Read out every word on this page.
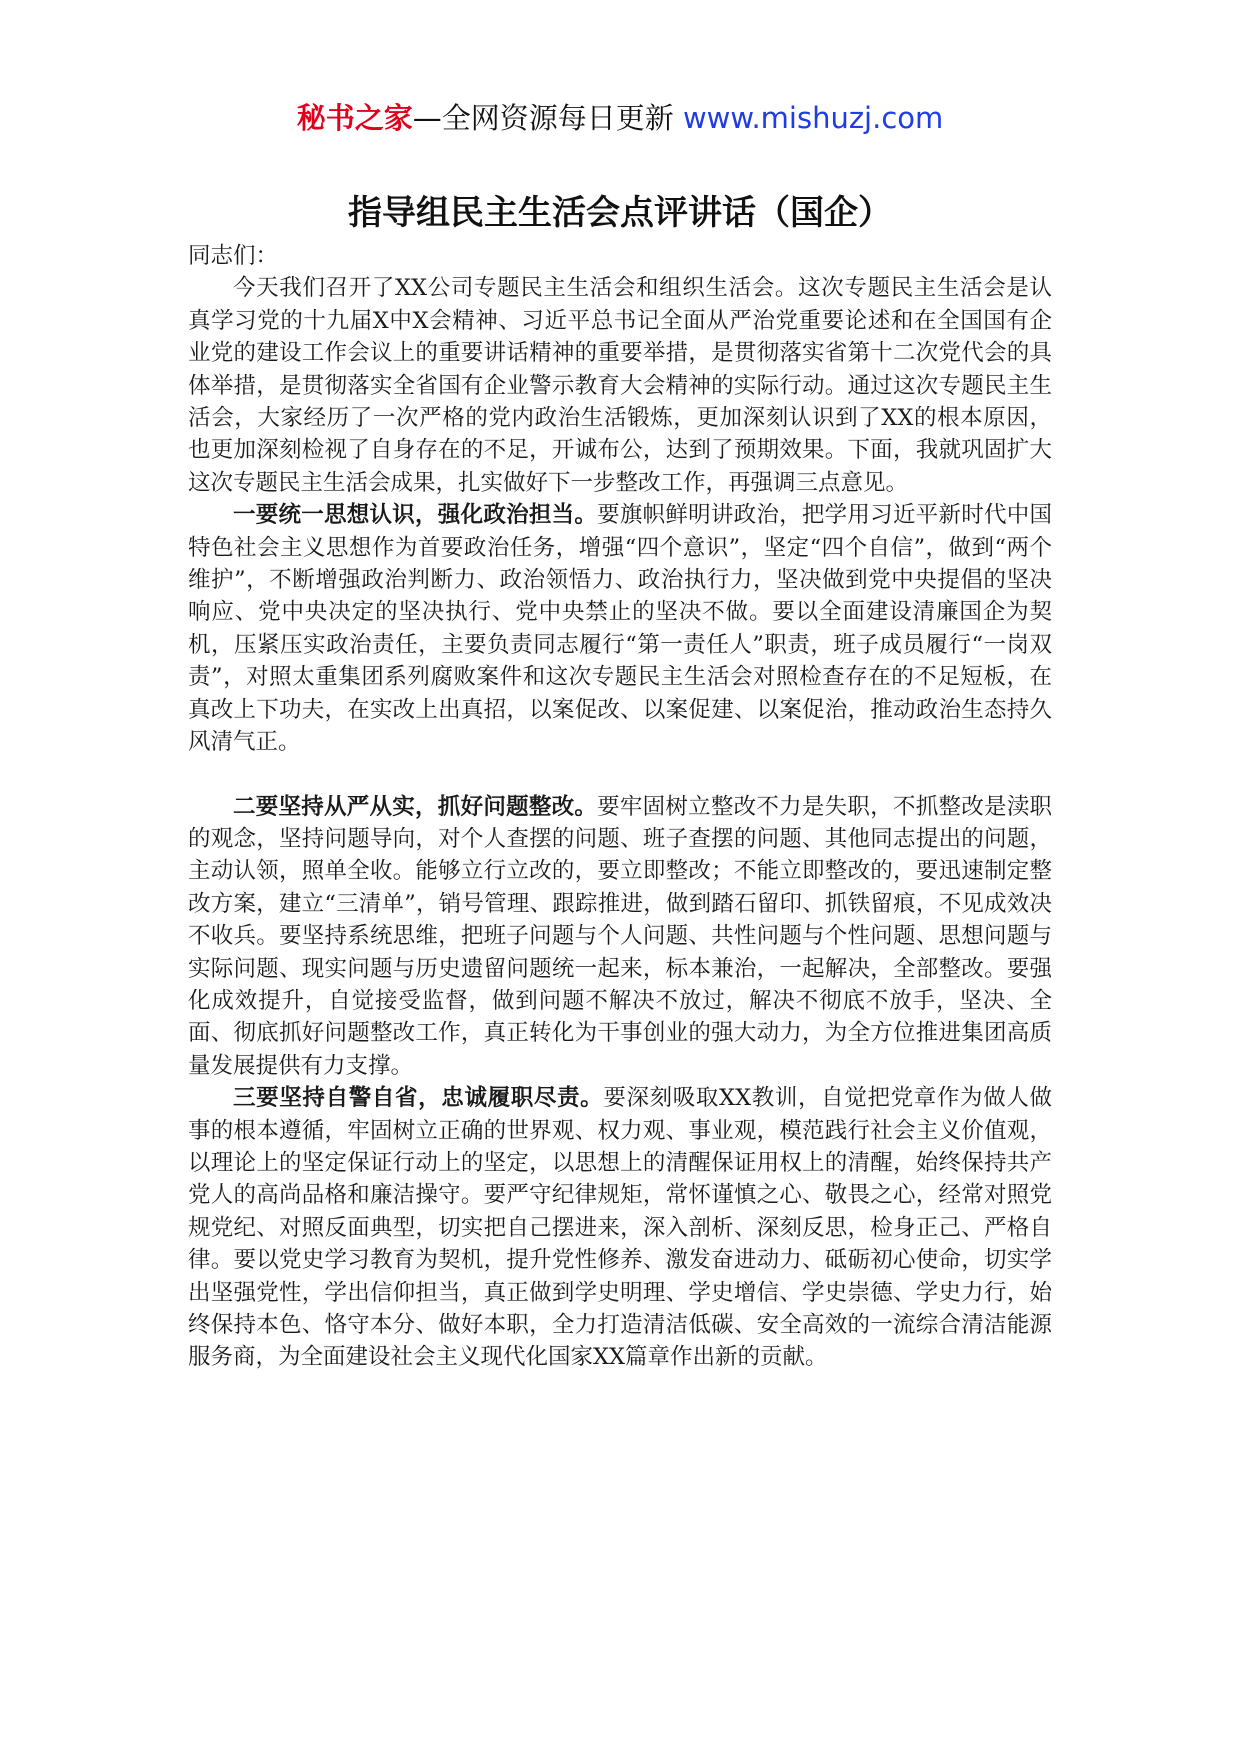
秘书之家—全网资源每日更新 www.mishuzj.com
指导组民主生活会点评讲话（国企）

同志们：

今天我们召开了XX公司专题民主生活会和组织生活会。这次专题民主生活会是认真学习党的十九届X中X会精神、习近平总书记全面从严治党重要论述和在全国国有企业党的建设工作会议上的重要讲话精神的重要举措，是贯彻落实省第十二次党代会的具体举措，是贯彻落实全省国有企业警示教育大会精神的实际行动。通过这次专题民主生活会，大家经历了一次严格的党内政治生活锻炼，更加深刻认识到了XX的根本原因，也更加深刻检视了自身存在的不足，开诚布公，达到了预期效果。下面，我就巩固扩大这次专题民主生活会成果，扎实做好下一步整改工作，再强调三点意见。

一要统一思想认识，强化政治担当。要旗帜鲜明讲政治，把学用习近平新时代中国特色社会主义思想作为首要政治任务，增强“四个意识”，坚定“四个自信”，做到“两个维护”，不断增强政治判断力、政治领悟力、政治执行力，坚决做到党中央提倡的坚决响应、党中央决定的坚决执行、党中央禁止的坚决不做。要以全面建设清廉国企为契机，压紧压实政治责任，主要负责同志履行“第一责任人”职责，班子成员履行“一岗双责”，对照太重集团系列腐败案件和这次专题民主生活会对照检查存在的不足短板，在真改上下功夫，在实改上出真招，以案促改、以案促建、以案促治，推动政治生态持久风清气正。

二要坚持从严从实，抓好问题整改。要牢固树立整改不力是失职，不抓整改是渎职的观念，坚持问题导向，对个人查摆的问题、班子查摆的问题、其他同志提出的问题，主动认领，照单全收。能够立行立改的，要立即整改；不能立即整改的，要迅速制定整改方案，建立“三清单”，销号管理、跟踪推进，做到踏石留印、抓铁留痕，不见成效决不收兵。要坚持系统思维，把班子问题与个人问题、共性问题与个性问题、思想问题与实际问题、现实问题与历史遗留问题统一起来，标本兼治，一起解决，全部整改。要强化成效提升，自觉接受监督，做到问题不解决不放过，解决不彻底不放手，坚决、全面、彻底抓好问题整改工作，真正转化为干事创业的强大动力，为全方位推进集团高质量发展提供有力支撑。

三要坚持自警自省，忠诚履职尽责。要深刻吸取XX教训，自觉把党章作为做人做事的根本遵循，牢固树立正确的世界观、权力观、事业观，模范践行社会主义价值观，以理论上的坚定保证行动上的坚定，以思想上的清醒保证用权上的清醒，始终保持共产党人的高尚品格和廉洁操守。要严守纪律规矩，常怀谨慎之心、敬畏之心，经常对照党规党纪、对照反面典型，切实把自己摆进来，深入剖析、深刻反思，检身正己、严格自律。要以党史学习教育为契机，提升党性修养、激发奋进动力、砥砺初心使命，切实学出坚强党性，学出信仰担当，真正做到学史明理、学史增信、学史崇德、学史力行，始终保持本色、恪守本分、做好本职，全力打造清洁低碳、安全高效的一流综合清洁能源服务商，为全面建设社会主义现代化国家XX篇章作出新的贡献。
